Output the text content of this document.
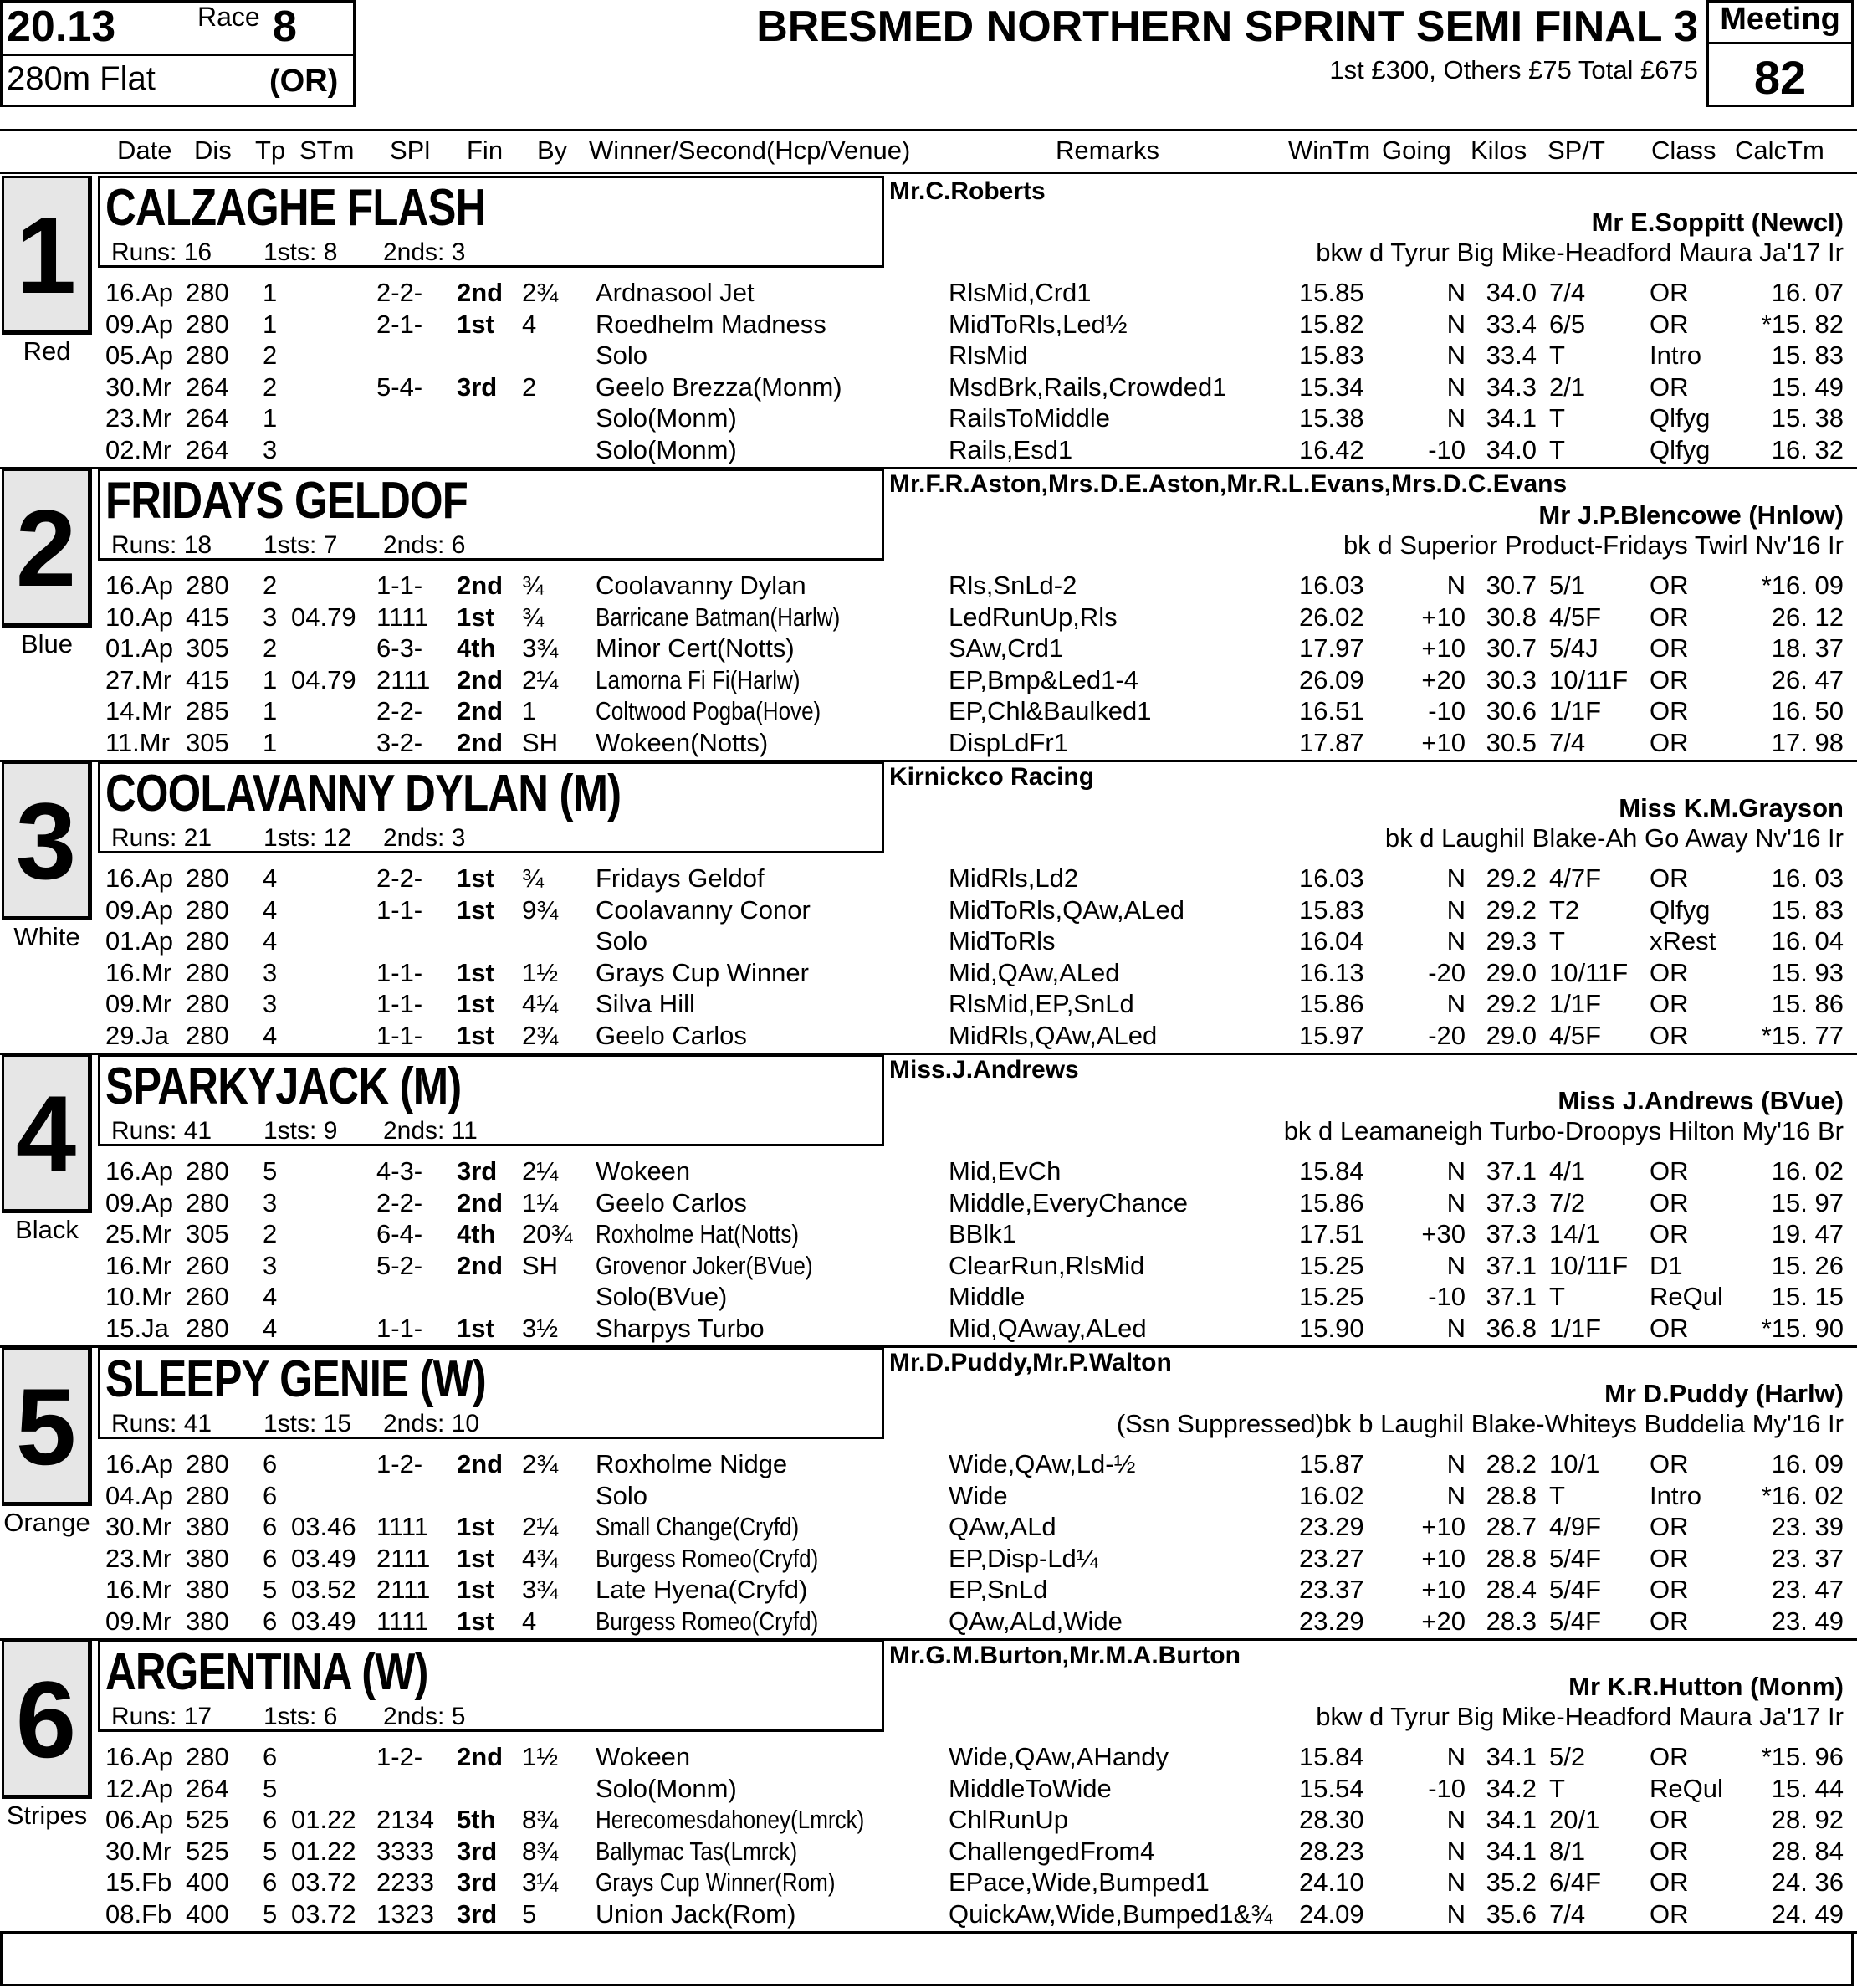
20.13	Race 8
280m Flat	(OR)
BRESMED NORTHERN SPRINT SEMI FINAL 3
1st £300, Others £75 Total £675
Meeting
82
Date Dis Tp STm SPl Fin By Winner/Second(Hcp/Venue)	Remarks	WinTm Going Kilos SP/T Class CalcTm
1
Red
CALZAGHE FLASH
Runs: 16 1sts: 8 2nds: 3
Mr.C.Roberts
Mr E.Soppitt (Newcl)
bkw d Tyrur Big Mike-Headford Maura Ja'17 Ir
16.Ap 280 1	2-2- 2nd 2¾ Ardnasool Jet	RlsMid,Crd1	15.85	N 34.0 7/4 OR	16. 07
09.Ap 280 1	2-1- 1st 4 Roedhelm Madness	MidToRls,Led½	15.82	N 33.4 6/5 OR	*15. 82
05.Ap 280 2	Solo	RlsMid	15.83	N 33.4 T	Intro	15. 83
30.Mr 264 2	5-4- 3rd 2 Geelo Brezza(Monm)	MsdBrk,Rails,Crowded1	15.34	N 34.3 2/1 OR	15. 49
23.Mr 264 1	Solo(Monm)	RailsToMiddle	15.38	N 34.1 T	Qlfyg 15. 38
02.Mr 264 3	Solo(Monm)	Rails,Esd1	16.42 -10 34.0 T	Qlfyg 16. 32
2
Blue
FRIDAYS GELDOF
Runs: 18 1sts: 7 2nds: 6
Mr.F.R.Aston,Mrs.D.E.Aston,Mr.R.L.Evans,Mrs.D.C.Evans
Mr J.P.Blencowe (Hnlow)
bk d Superior Product-Fridays Twirl Nv'16 Ir
16.Ap 280 2	1-1- 2nd ¾ Coolavanny Dylan	Rls,SnLd-2	16.03	N 30.7 5/1 OR	*16. 09
10.Ap 415 3 04.79 1111 1st ¾ Barricane Batman(Harlw)	LedRunUp,Rls	26.02 +10 30.8 4/5F OR	26. 12
01.Ap 305 2	6-3- 4th 3¾ Minor Cert(Notts)	SAw,Crd1	17.97 +10 30.7 5/4J OR	18. 37
27.Mr 415 1 04.79 2111 2nd 2¼ Lamorna Fi Fi(Harlw)	EP,Bmp&Led1-4	26.09 +20 30.3 10/11F OR	26. 47
14.Mr 285 1	2-2- 2nd 1 Coltwood Pogba(Hove)	EP,Chl&Baulked1	16.51 -10 30.6 1/1F OR	16. 50
11.Mr 305 1	3-2- 2nd SH Wokeen(Notts)	DispLdFr1	17.87 +10 30.5 7/4 OR	17. 98
3
White
COOLAVANNY DYLAN (M)
Runs: 21 1sts: 12 2nds: 3
Kirnickco Racing
Miss K.M.Grayson
bk d Laughil Blake-Ah Go Away Nv'16 Ir
16.Ap 280 4	2-2- 1st ¾ Fridays Geldof	MidRls,Ld2	16.03	N 29.2 4/7F OR	16. 03
09.Ap 280 4	1-1- 1st 9¾ Coolavanny Conor	MidToRls,QAw,ALed	15.83	N 29.2 T2	Qlfyg 15. 83
01.Ap 280 4	Solo	MidToRls	16.04	N 29.3 T	xRest 16. 04
16.Mr 280 3	1-1- 1st 1½ Grays Cup Winner	Mid,QAw,ALed	16.13 -20 29.0 10/11F OR	15. 93
09.Mr 280 3	1-1- 1st 4¼ Silva Hill	RlsMid,EP,SnLd	15.86	N 29.2 1/1F OR	15. 86
29.Ja 280 4	1-1- 1st 2¾ Geelo Carlos	MidRls,QAw,ALed	15.97 -20 29.0 4/5F OR	*15. 77
4
Black
SPARKYJACK (M)
Runs: 41 1sts: 9 2nds: 11
Miss.J.Andrews
Miss J.Andrews (BVue)
bk d Leamaneigh Turbo-Droopys Hilton My'16 Br
16.Ap 280 5	4-3- 3rd 2¼ Wokeen	Mid,EvCh	15.84	N 37.1 4/1 OR	16. 02
09.Ap 280 3	2-2- 2nd 1¼ Geelo Carlos	Middle,EveryChance	15.86	N 37.3 7/2 OR	15. 97
25.Mr 305 2	6-4- 4th 20¾ Roxholme Hat(Notts)	BBlk1	17.51 +30 37.3 14/1 OR	19. 47
16.Mr 260 3	5-2- 2nd SH Grovenor Joker(BVue)	ClearRun,RlsMid	15.25	N 37.1 10/11F D1	15. 26
10.Mr 260 4	Solo(BVue)	Middle	15.25 -10 37.1 T	ReQul 15. 15
15.Ja 280 4	1-1- 1st 3½ Sharpys Turbo	Mid,QAway,ALed	15.90	N 36.8 1/1F OR	*15. 90
5
Orange
SLEEPY GENIE (W)
Runs: 41 1sts: 15 2nds: 10
Mr.D.Puddy,Mr.P.Walton
Mr D.Puddy (Harlw)
(Ssn Suppressed)bk b Laughil Blake-Whiteys Buddelia My'16 Ir
16.Ap 280 6	1-2- 2nd 2¾ Roxholme Nidge	Wide,QAw,Ld-½	15.87	N 28.2 10/1 OR	16. 09
04.Ap 280 6	Solo	Wide	16.02	N 28.8 T	Intro *16. 02
30.Mr 380 6 03.46 1111 1st 2¼ Small Change(Cryfd)	QAw,ALd	23.29 +10 28.7 4/9F OR	23. 39
23.Mr 380 6 03.49 2111 1st 4¾ Burgess Romeo(Cryfd)	EP,Disp-Ld¼	23.27 +10 28.8 5/4F OR	23. 37
16.Mr 380 5 03.52 2111 1st 3¾ Late Hyena(Cryfd)	EP,SnLd	23.37 +10 28.4 5/4F OR	23. 47
09.Mr 380 6 03.49 1111 1st 4 Burgess Romeo(Cryfd)	QAw,ALd,Wide	23.29 +20 28.3 5/4F OR	23. 49
6
Stripes
ARGENTINA (W)
Runs: 17 1sts: 6 2nds: 5
Mr.G.M.Burton,Mr.M.A.Burton
Mr K.R.Hutton (Monm)
bkw d Tyrur Big Mike-Headford Maura Ja'17 Ir
16.Ap 280 6	1-2- 2nd 1½ Wokeen	Wide,QAw,AHandy	15.84	N 34.1 5/2 OR	*15. 96
12.Ap 264 5	Solo(Monm)	MiddleToWide	15.54 -10 34.2 T	ReQul 15. 44
06.Ap 525 6 01.22 2134 5th 8¾ Herecomesdahoney(Lmrck)	ChlRunUp	28.30	N 34.1 20/1 OR	28. 92
30.Mr 525 5 01.22 3333 3rd 8¾ Ballymac Tas(Lmrck)	ChallengedFrom4	28.23	N 34.1 8/1 OR	28. 84
15.Fb 400 6 03.72 2233 3rd 3¼ Grays Cup Winner(Rom)	EPace,Wide,Bumped1	24.10	N 35.2 6/4F OR	24. 36
08.Fb 400 5 03.72 1323 3rd 5 Union Jack(Rom)	QuickAw,Wide,Bumped1&¾ 24.09	N 35.6 7/4 OR	24. 49
